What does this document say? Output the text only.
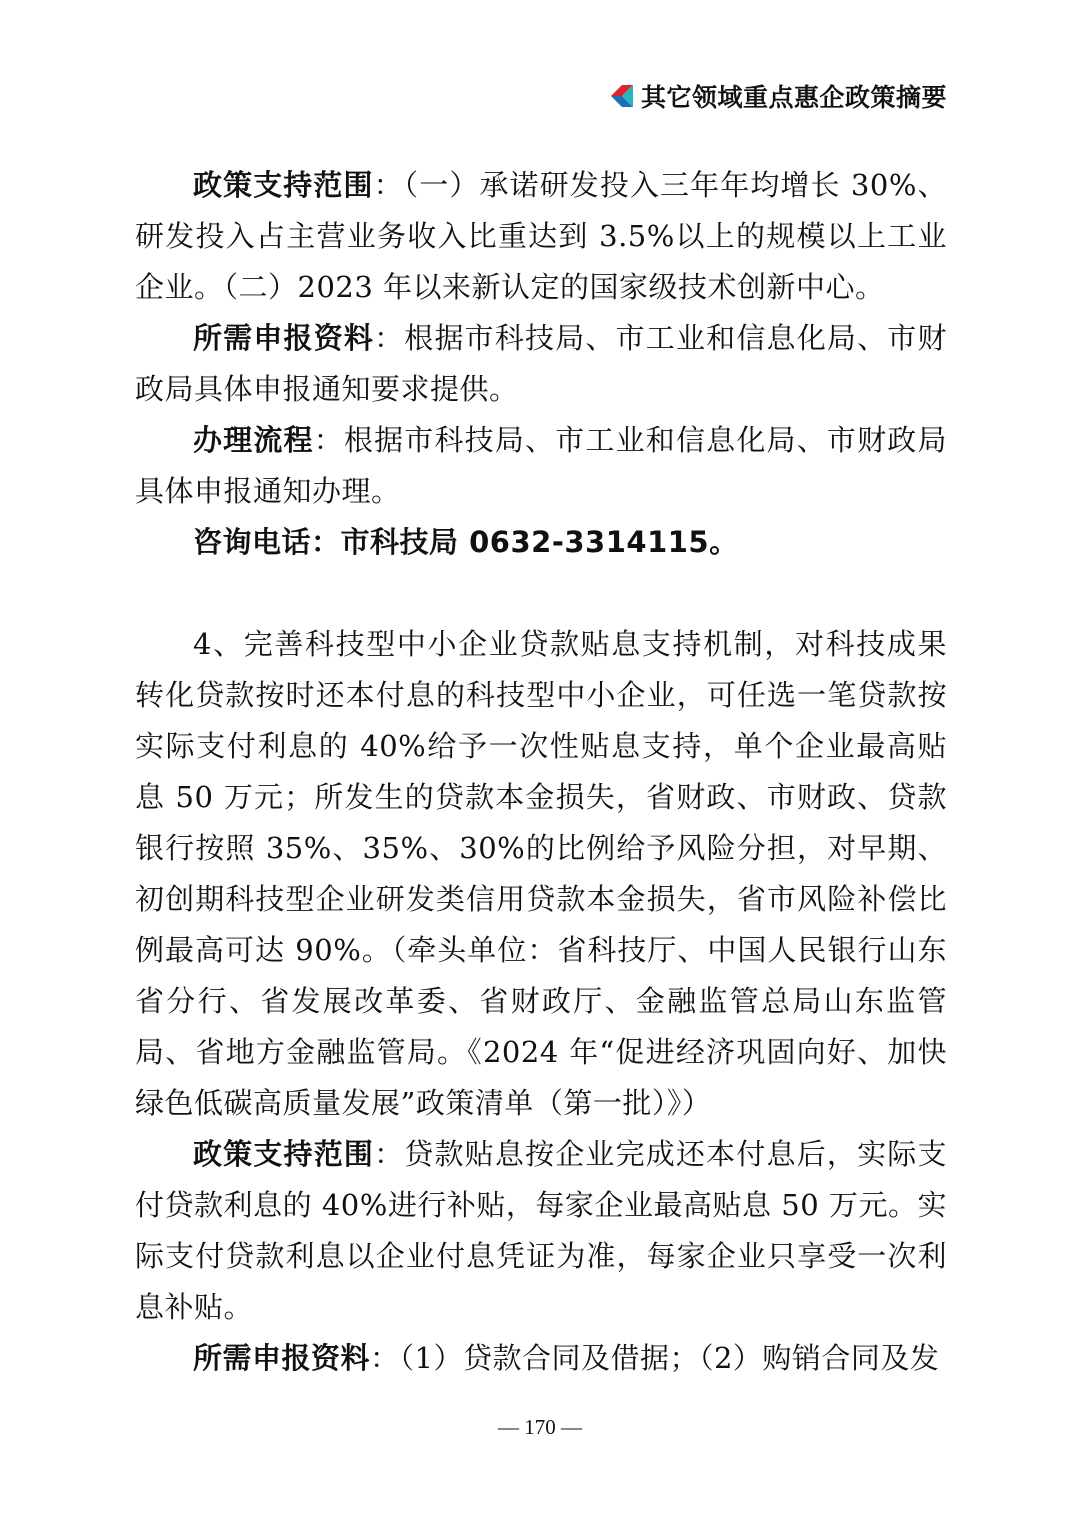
其它领域重点惠企政策摘要

政策支持范围：（一）承诺研发投入三年年均增长 30%、研发投入占主营业务收入比重达到 3.5%以上的规模以上工业企业。（二）2023 年以来新认定的国家级技术创新中心。

所需申报资料：根据市科技局、市工业和信息化局、市财政局具体申报通知要求提供。

办理流程：根据市科技局、市工业和信息化局、市财政局具体申报通知办理。

咨询电话：市科技局 0632-3314115。

4、完善科技型中小企业贷款贴息支持机制，对科技成果转化贷款按时还本付息的科技型中小企业，可任选一笔贷款按实际支付利息的 40%给予一次性贴息支持，单个企业最高贴息 50 万元；所发生的贷款本金损失，省财政、市财政、贷款银行按照 35%、35%、30%的比例给予风险分担，对早期、初创期科技型企业研发类信用贷款本金损失，省市风险补偿比例最高可达 90%。（牵头单位：省科技厅、中国人民银行山东省分行、省发展改革委、省财政厅、金融监管总局山东监管局、省地方金融监管局。《2024 年“促进经济巩固向好、加快绿色低碳高质量发展”政策清单（第一批）》）

政策支持范围：贷款贴息按企业完成还本付息后，实际支付贷款利息的 40%进行补贴，每家企业最高贴息 50 万元。实际支付贷款利息以企业付息凭证为准，每家企业只享受一次利息补贴。

所需申报资料：（1）贷款合同及借据；（2）购销合同及发

— 170 —
